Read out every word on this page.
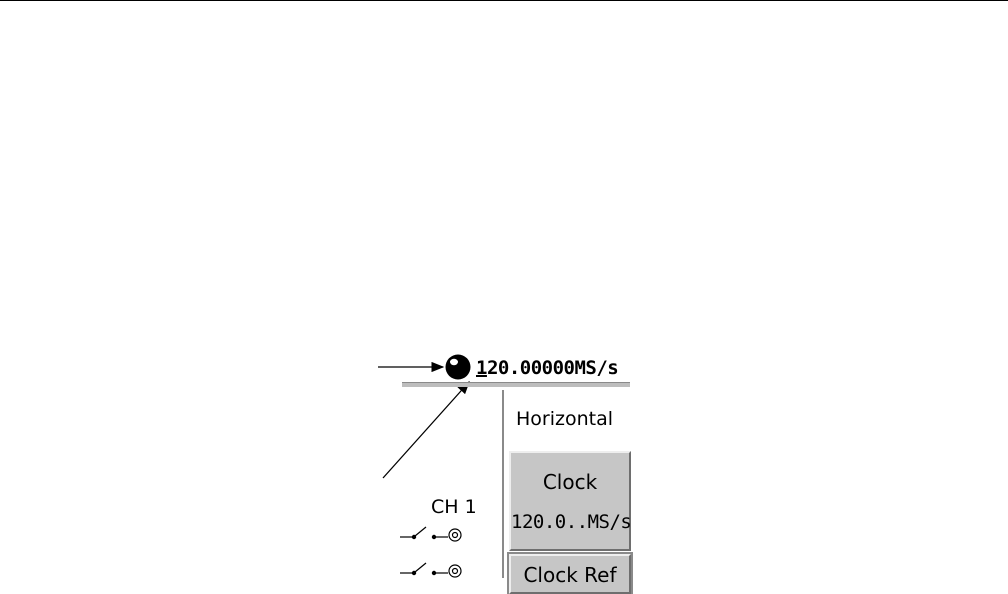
120.00000MS/s
Horizontal
Clock
120.0..MS/s
Clock Ref
CH 1
